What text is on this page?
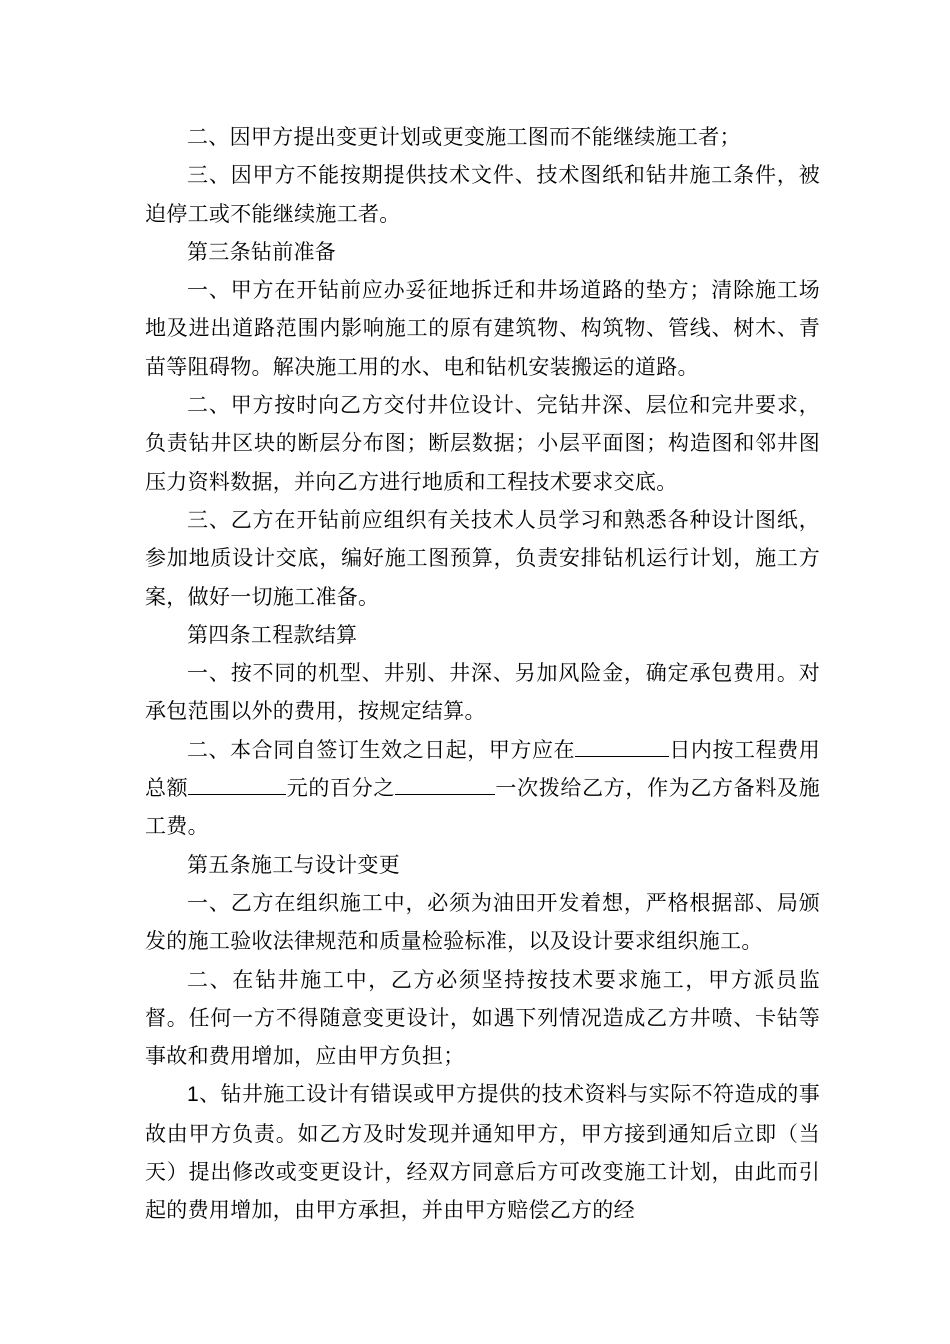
二、因甲方提出变更计划或更变施工图而不能继续施工者；

三、因甲方不能按期提供技术文件、技术图纸和钻井施工条件，被迫停工或不能继续施工者。

第三条钻前准备

一、甲方在开钻前应办妥征地拆迁和井场道路的垫方；清除施工场地及进出道路范围内影响施工的原有建筑物、构筑物、管线、树木、青苗等阻碍物。解决施工用的水、电和钻机安装搬运的道路。

二、甲方按时向乙方交付井位设计、完钻井深、层位和完井要求，负责钻井区块的断层分布图；断层数据；小层平面图；构造图和邻井图压力资料数据，并向乙方进行地质和工程技术要求交底。

三、乙方在开钻前应组织有关技术人员学习和熟悉各种设计图纸，参加地质设计交底，编好施工图预算，负责安排钻机运行计划，施工方案，做好一切施工准备。

第四条工程款结算

一、按不同的机型、井别、井深、另加风险金，确定承包费用。对承包范围以外的费用，按规定结算。

二、本合同自签订生效之日起，甲方应在	日内按工程费用总额	元的百分之	一次拨给乙方，作为乙方备料及施工费。

第五条施工与设计变更

一、乙方在组织施工中，必须为油田开发着想，严格根据部、局颁发的施工验收法律规范和质量检验标准，以及设计要求组织施工。

二、在钻井施工中，乙方必须坚持按技术要求施工，甲方派员监督。任何一方不得随意变更设计，如遇下列情况造成乙方井喷、卡钻等事故和费用增加，应由甲方负担；

1、钻井施工设计有错误或甲方提供的技术资料与实际不符造成的事故由甲方负责。如乙方及时发现并通知甲方，甲方接到通知后立即（当天）提出修改或变更设计，经双方同意后方可改变施工计划，由此而引起的费用增加，由甲方承担，并由甲方赔偿乙方的经
